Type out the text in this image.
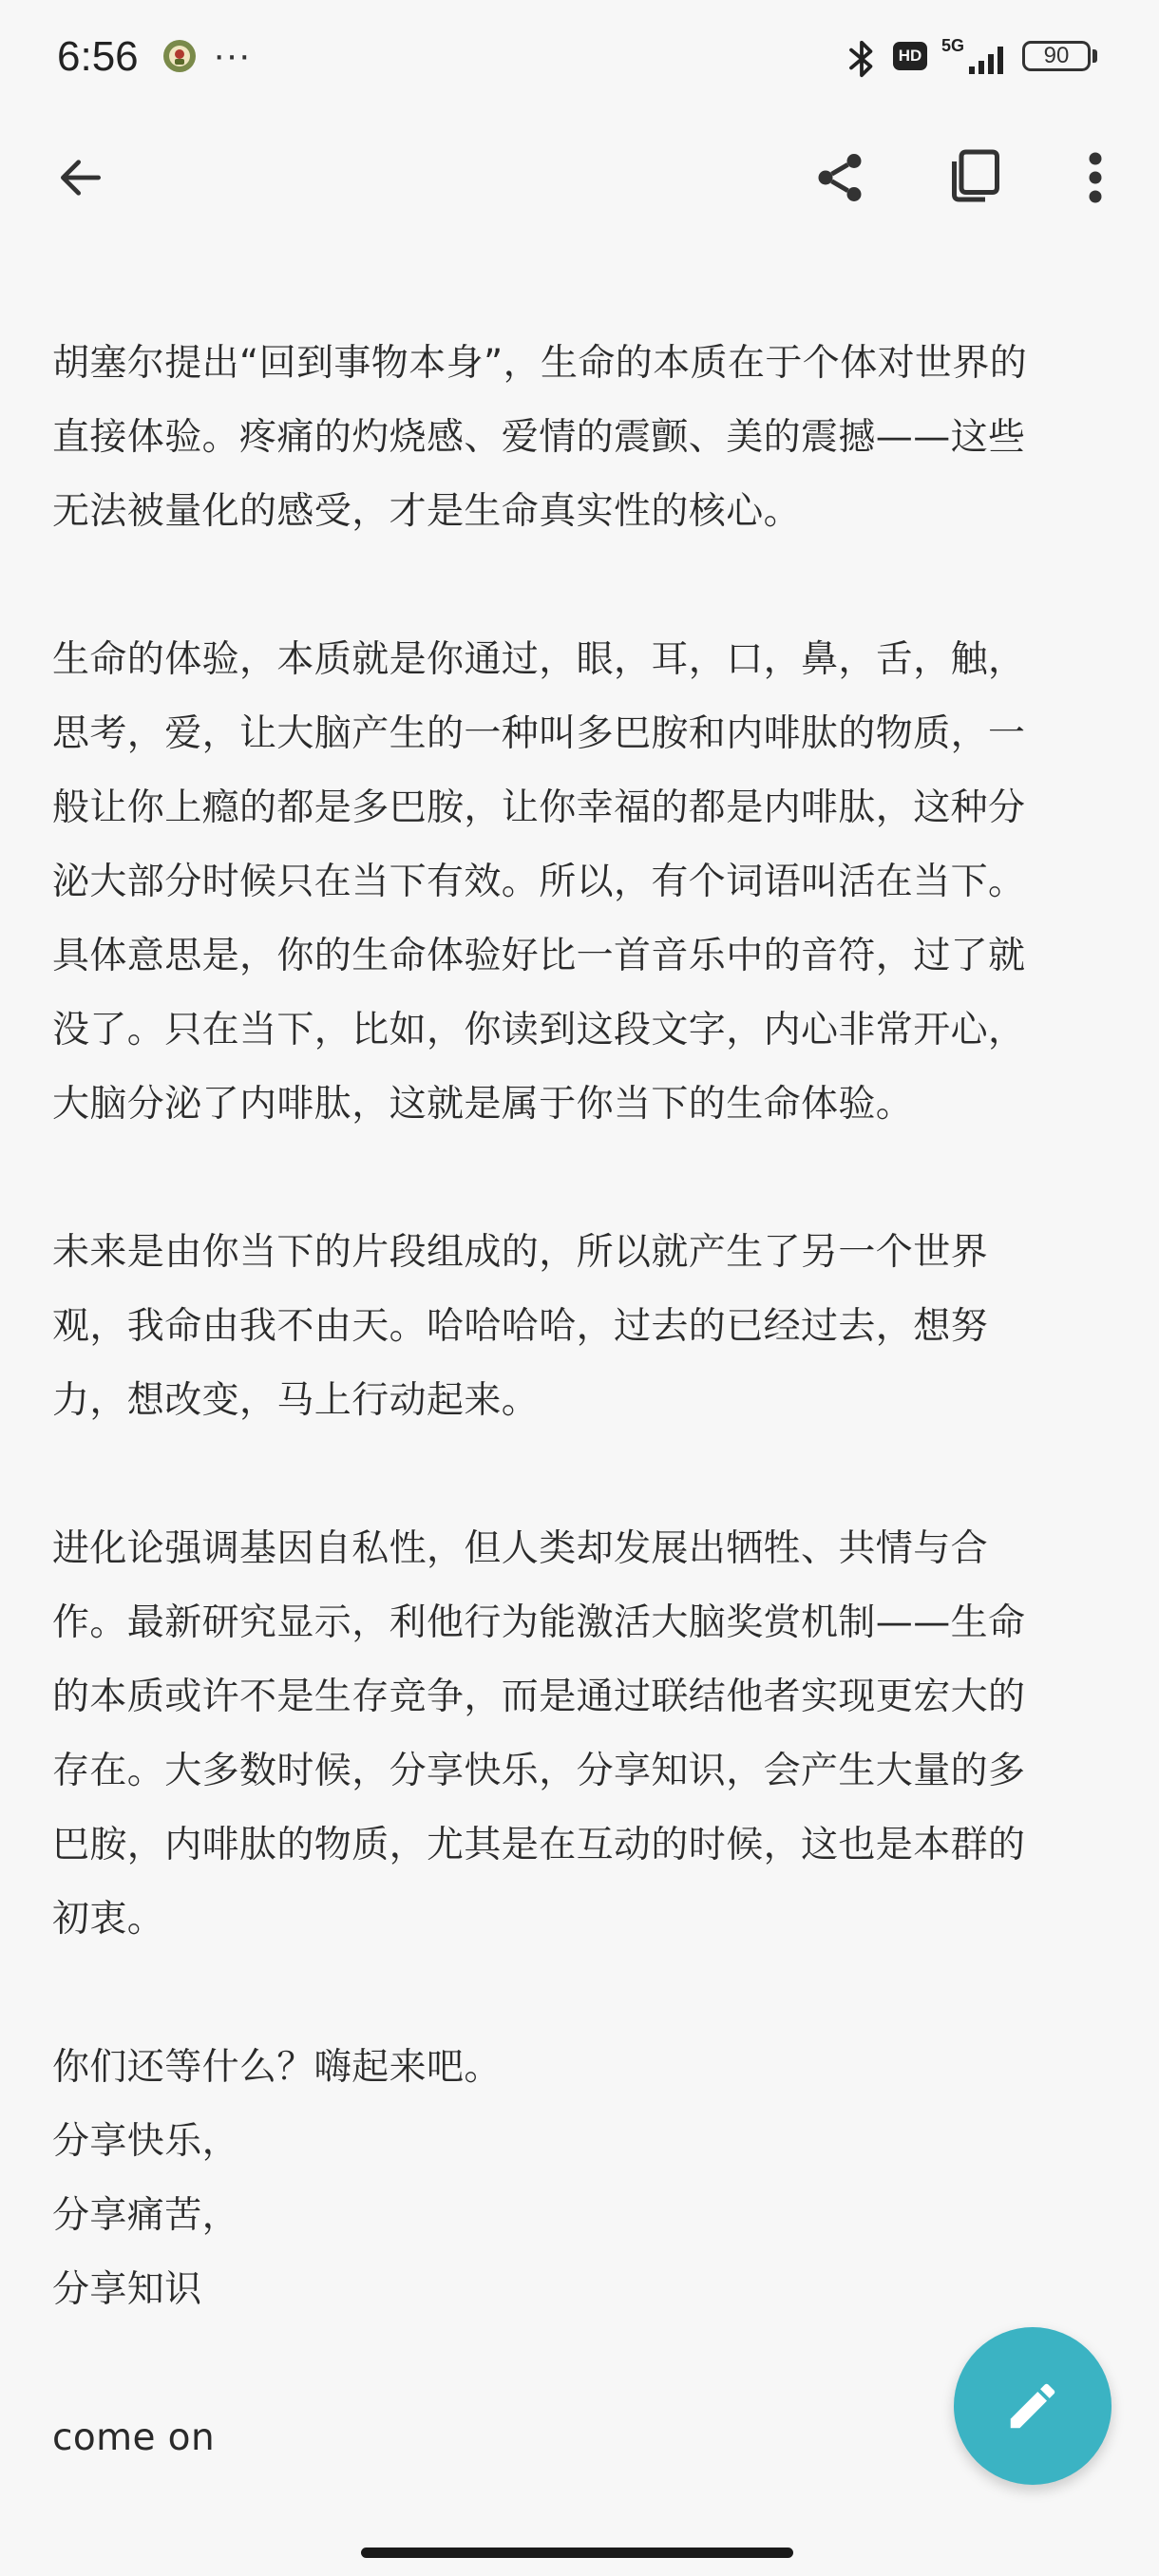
6:56 ···	HD
5G	90
胡塞尔提出“回到事物本身”，生命的本质在于个体对世界的
直接体验。疼痛的灼烧感、爱情的震颤、美的震撼——这些
无法被量化的感受，才是生命真实性的核心。
生命的体验，本质就是你通过，眼，耳，口，鼻，舌，触，
思考，爱，让大脑产生的一种叫多巴胺和内啡肽的物质，一
般让你上瘾的都是多巴胺，让你幸福的都是内啡肽，这种分
泌大部分时候只在当下有效。所以，有个词语叫活在当下。
具体意思是，你的生命体验好比一首音乐中的音符，过了就
没了。只在当下，比如，你读到这段文字，内心非常开心，
大脑分泌了内啡肽，这就是属于你当下的生命体验。
未来是由你当下的片段组成的，所以就产生了另一个世界
观，我命由我不由天。哈哈哈哈，过去的已经过去，想努
力，想改变，马上行动起来。
进化论强调基因自私性，但人类却发展出牺牲、共情与合
作。最新研究显示，利他行为能激活大脑奖赏机制——生命
的本质或许不是生存竞争，而是通过联结他者实现更宏大的
存在。大多数时候，分享快乐，分享知识，会产生大量的多
巴胺，内啡肽的物质，尤其是在互动的时候，这也是本群的
初衷。
你们还等什么？嗨起来吧。
分享快乐，
分享痛苦，
分享知识
come on
